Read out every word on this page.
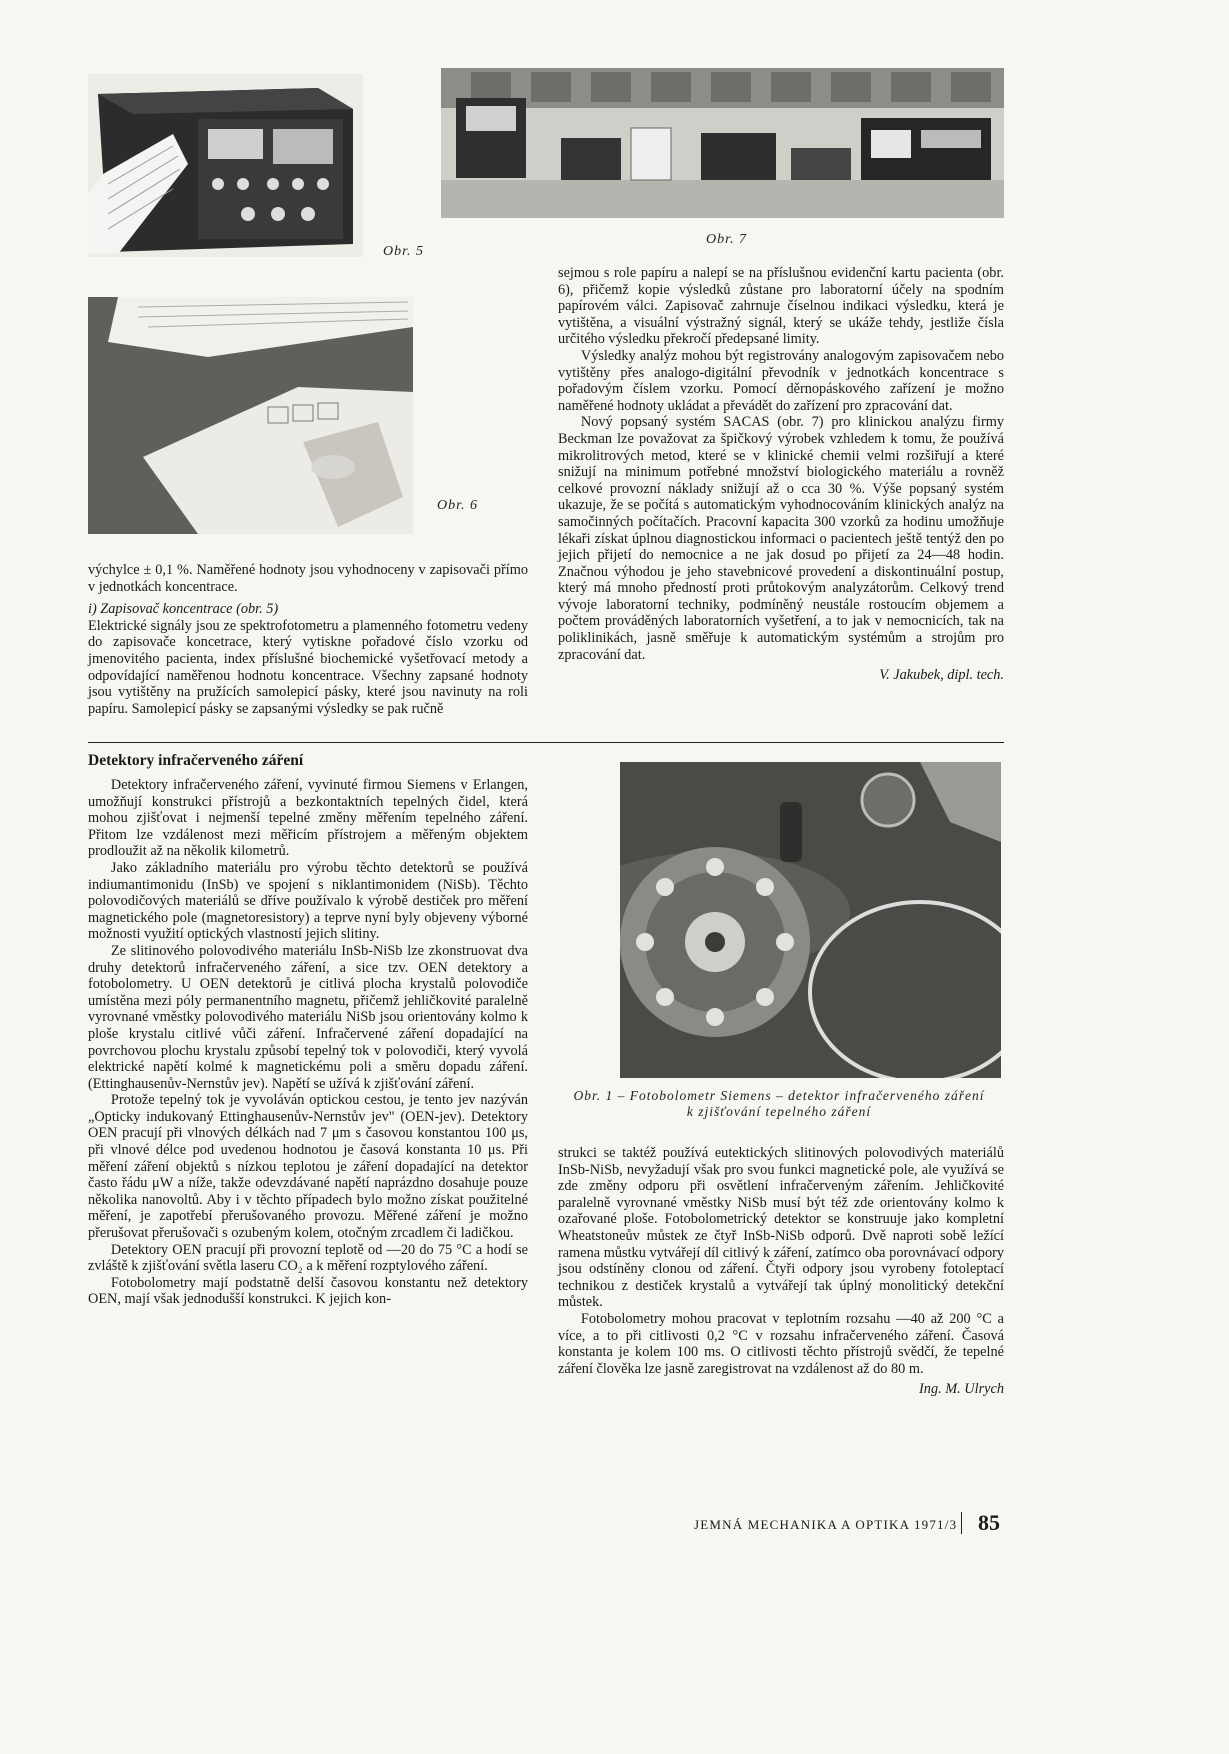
Obr. 5
Obr. 7
Obr. 6

výchylce ± 0,1 %. Naměřené hodnoty jsou vyhodnoceny v zapisovači přímo v jednotkách koncentrace.

i) Zapisovač koncentrace (obr. 5)

Elektrické signály jsou ze spektrofotometru a plamenného fotometru vedeny do zapisovače koncetrace, který vytiskne pořadové číslo vzorku od jmenovitého pacienta, index příslušné biochemické vyšetřovací metody a odpovídající naměřenou hodnotu koncentrace. Všechny zapsané hodnoty jsou vytištěny na pružících samolepicí pásky, které jsou navinuty na roli papíru. Samolepicí pásky se zapsanými výsledky se pak ručně

sejmou s role papíru a nalepí se na příslušnou evidenční kartu pacienta (obr. 6), přičemž kopie výsledků zůstane pro laboratorní účely na spodním papírovém válci. Zapisovač zahrnuje číselnou indikaci výsledku, která je vytištěna, a visuální výstražný signál, který se ukáže tehdy, jestliže čísla určitého výsledku překročí předepsané limity.

Výsledky analýz mohou být registrovány analogovým zapisovačem nebo vytištěny přes analogo-digitální převodník v jednotkách koncentrace s pořadovým číslem vzorku. Pomocí děrnopáskového zařízení je možno naměřené hodnoty ukládat a převádět do zařízení pro zpracování dat.

Nový popsaný systém SACAS (obr. 7) pro klinickou analýzu firmy Beckman lze považovat za špičkový výrobek vzhledem k tomu, že používá mikrolitrových metod, které se v klinické chemii velmi rozšiřují a které snižují na minimum potřebné množství biologického materiálu a rovněž celkové provozní náklady snižují až o cca 30 %. Výše popsaný systém ukazuje, že se počítá s automatickým vyhodnocováním klinických analýz na samočinných počítačích. Pracovní kapacita 300 vzorků za hodinu umožňuje lékaři získat úplnou diagnostickou informaci o pacientech ještě tentýž den po jejich přijetí do nemocnice a ne jak dosud po přijetí za 24—48 hodin. Značnou výhodou je jeho stavebnicové provedení a diskontinuální postup, který má mnoho předností proti průtokovým analyzátorům. Celkový trend vývoje laboratorní techniky, podmíněný neustále rostoucím objemem a počtem prováděných laboratorních vyšetření, a to jak v nemocnicích, tak na poliklinikách, jasně směřuje k automatickým systémům a strojům pro zpracování dat.

V. Jakubek, dipl. tech.

Detektory infračerveného záření

Detektory infračerveného záření, vyvinuté firmou Siemens v Erlangen, umožňují konstrukci přístrojů a bezkontaktních tepelných čidel, která mohou zjišťovat i nejmenší tepelné změny měřením tepelného záření. Přitom lze vzdálenost mezi měřicím přístrojem a měřeným objektem prodloužit až na několik kilometrů.

Jako základního materiálu pro výrobu těchto detektorů se používá indiumantimonidu (InSb) ve spojení s niklantimonidem (NiSb). Těchto polovodičových materiálů se dříve používalo k výrobě destiček pro měření magnetického pole (magnetoresistory) a teprve nyní byly objeveny výborné možnosti využití optických vlastností jejich slitiny.

Ze slitinového polovodivého materiálu InSb-NiSb lze zkonstruovat dva druhy detektorů infračerveného záření, a sice tzv. OEN detektory a fotobolometry. U OEN detektorů je citlivá plocha krystalů polovodiče umístěna mezi póly permanentního magnetu, přičemž jehličkovité paralelně vyrovnané vměstky polovodivého materiálu NiSb jsou orientovány kolmo k ploše krystalu citlivé vůči záření. Infračervené záření dopadající na povrchovou plochu krystalu způsobí tepelný tok v polovodiči, který vyvolá elektrické napětí kolmé k magnetickému poli a směru dopadu záření. (Ettinghausenův-Nernstův jev). Napětí se užívá k zjišťování záření.

Protože tepelný tok je vyvoláván optickou cestou, je tento jev nazýván „Opticky indukovaný Ettinghausenův-Nernstův jev" (OEN-jev). Detektory OEN pracují při vlnových délkách nad 7 μm s časovou konstantou 100 μs, při vlnové délce pod uvedenou hodnotou je časová konstanta 10 μs. Při měření záření objektů s nízkou teplotou je záření dopadající na detektor často řádu μW a níže, takže odevzdávané napětí naprázdno dosahuje pouze několika nanovoltů. Aby i v těchto případech bylo možno získat použitelné měření, je zapotřebí přerušovaného provozu. Měřené záření je možno přerušovat přerušovači s ozubeným kolem, otočným zrcadlem či ladičkou.

Detektory OEN pracují při provozní teplotě od —20 do 75 °C a hodí se zvláště k zjišťování světla laseru CO₂ a k měření rozptylového záření.

Fotobolometry mají podstatně delší časovou konstantu než detektory OEN, mají však jednodušší konstrukci. K jejich kon-

Obr. 1 – Fotobolometr Siemens – detektor infračerveného záření
k zjišťování tepelného záření

strukci se taktéž používá eutektických slitinových polovodivých materiálů InSb-NiSb, nevyžadují však pro svou funkci magnetické pole, ale využívá se zde změny odporu při osvětlení infračerveným zářením. Jehličkovité paralelně vyrovnané vměstky NiSb musí být též zde orientovány kolmo k ozařované ploše. Fotobolometrický detektor se konstruuje jako kompletní Wheatstoneův můstek ze čtyř InSb-NiSb odporů. Dvě naproti sobě ležící ramena můstku vytvářejí díl citlivý k záření, zatímco oba porovnávací odpory jsou odstíněny clonou od záření. Čtyři odpory jsou vyrobeny fotoleptací technikou z destiček krystalů a vytvářejí tak úplný monolitický detekční můstek.

Fotobolometry mohou pracovat v teplotním rozsahu —40 až 200 °C a více, a to při citlivosti 0,2 °C v rozsahu infračerveného záření. Časová konstanta je kolem 100 ms. O citlivosti těchto přístrojů svědčí, že tepelné záření člověka lze jasně zaregistrovat na vzdálenost až do 80 m.

Ing. M. Ulrych

JEMNÁ MECHANIKA A OPTIKA 1971/3 85
